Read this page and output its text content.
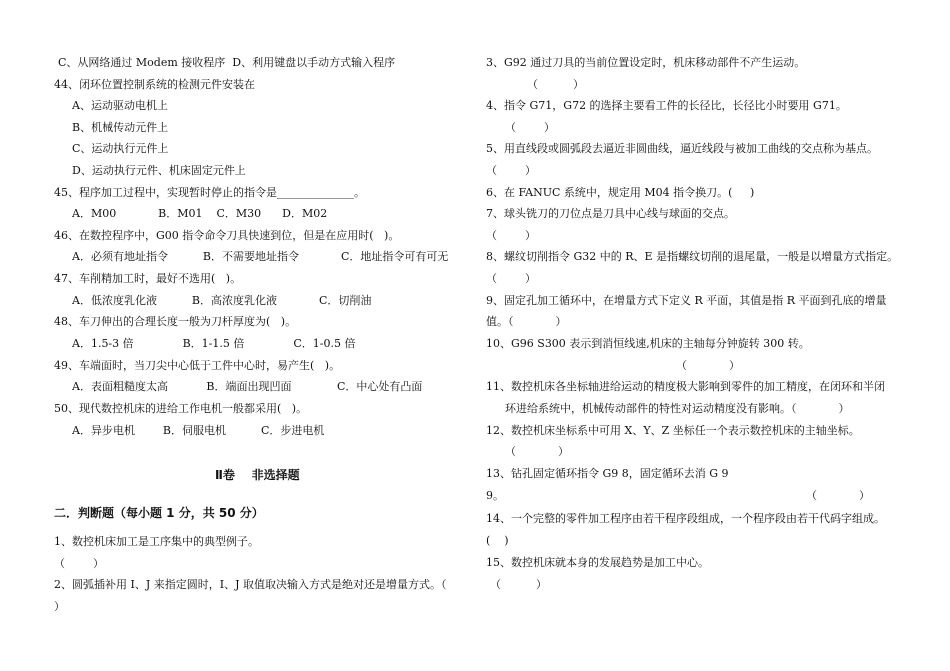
C、从网络通过 Modem 接收程序  D、利用键盘以手动方式输入程序
44、闭环位置控制系统的检测元件安装在
A、运动驱动电机上
B、机械传动元件上
C、运动执行元件上
D、运动执行元件、机床固定元件上
45、程序加工过程中，实现暂时停止的指令是______________。
A．M00            B．M01    C．M30      D．M02
46、在数控程序中，G00 指令命令刀具快速到位，但是在应用时(   )。
A．必须有地址指令          B．不需要地址指令            C．地址指令可有可无
47、车削精加工时，最好不选用(   )。
A．低浓度乳化液          B．高浓度乳化液            C．切削油
48、车刀伸出的合理长度一般为刀杆厚度为(   )。
A．1.5-3 倍              B．1-1.5 倍              C．1-0.5 倍
49、车端面时，当刀尖中心低于工件中心时，易产生(   )。
A．表面粗糙度太高           B．端面出现凹面             C．中心处有凸面
50、现代数控机床的进给工作电机一般都采用(   )。
A．异步电机        B．伺服电机          C．步进电机
Ⅱ卷    非选择题
二．判断题（每小题 1 分，共 50 分）
1、数控机床加工是工序集中的典型例子。
（        ）
2、圆弧插补用 I、J 来指定圆时，I、J 取值取决输入方式是绝对还是增量方式。（
）
3、G92 通过刀具的当前位置设定时，机床移动部件不产生运动。
（          ）
4、指令 G71，G72 的选择主要看工件的长径比，长径比小时要用 G71。
（        ）
5、用直线段或圆弧段去逼近非圆曲线，逼近线段与被加工曲线的交点称为基点。
（        ）
6、在 FANUC 系统中，规定用 M04 指令换刀。(     )
7、球头铣刀的刀位点是刀具中心线与球面的交点。
（        ）
8、螺纹切削指令 G32 中的 R、E 是指螺纹切削的退尾量，一般是以增量方式指定。
（        ）
9、固定孔加工循环中，在增量方式下定义 R 平面，其值是指 R 平面到孔底的增量
值。（            ）
10、G96 S300 表示到消恒线速,机床的主轴每分钟旋转 300 转。
（            ）
11、数控机床各坐标轴进给运动的精度极大影响到零件的加工精度，在闭环和半闭
环进给系统中，机械传动部件的特性对运动精度没有影响。（            ）
12、数控机床坐标系中可用 X、Y、Z 坐标任一个表示数控机床的主轴坐标。
（            ）
13、钻孔固定循环指令 G9 8，固定循环去消 G 9
9。	（            ）
14、一个完整的零件加工程序由若干程序段组成，一个程序段由若干代码字组成。
(    )
15、数控机床就本身的发展趋势是加工中心。
（          ）
